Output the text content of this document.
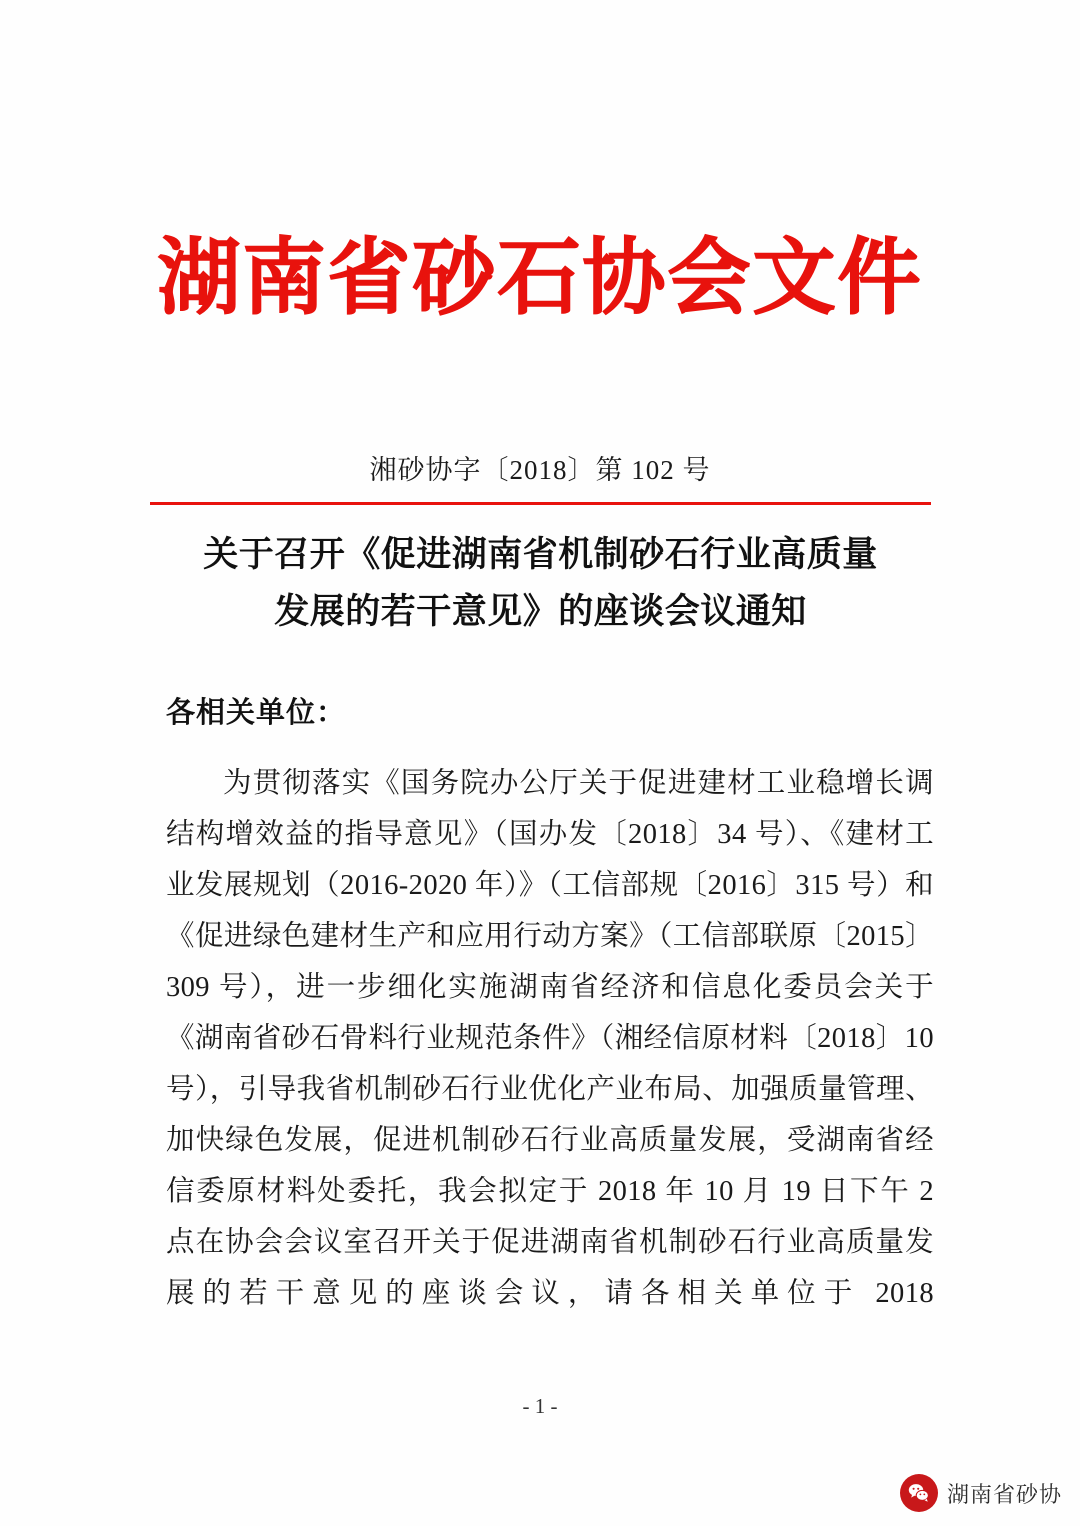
湖南省砂石协会文件
湘砂协字〔2018〕第 102 号
关于召开《促进湖南省机制砂石行业高质量
发展的若干意见》的座谈会议通知
各相关单位：

为贯彻落实《国务院办公厅关于促进建材工业稳增长调结构增效益的指导意见》（国办发〔2018〕34 号）、《建材工业发展规划（2016-2020 年）》（工信部规〔2016〕315 号）和《促进绿色建材生产和应用行动方案》（工信部联原〔2015〕309 号），进一步细化实施湖南省经济和信息化委员会关于《湖南省砂石骨料行业规范条件》（湘经信原材料〔2018〕10 号），引导我省机制砂石行业优化产业布局、加强质量管理、加快绿色发展，促进机制砂石行业高质量发展，受湖南省经信委原材料处委托，我会拟定于 2018 年 10 月 19 日下午 2 点在协会会议室召开关于促进湖南省机制砂石行业高质量发展的若干意见的座谈会议，请各相关单位于 2018

- 1 -
湖南省砂协
